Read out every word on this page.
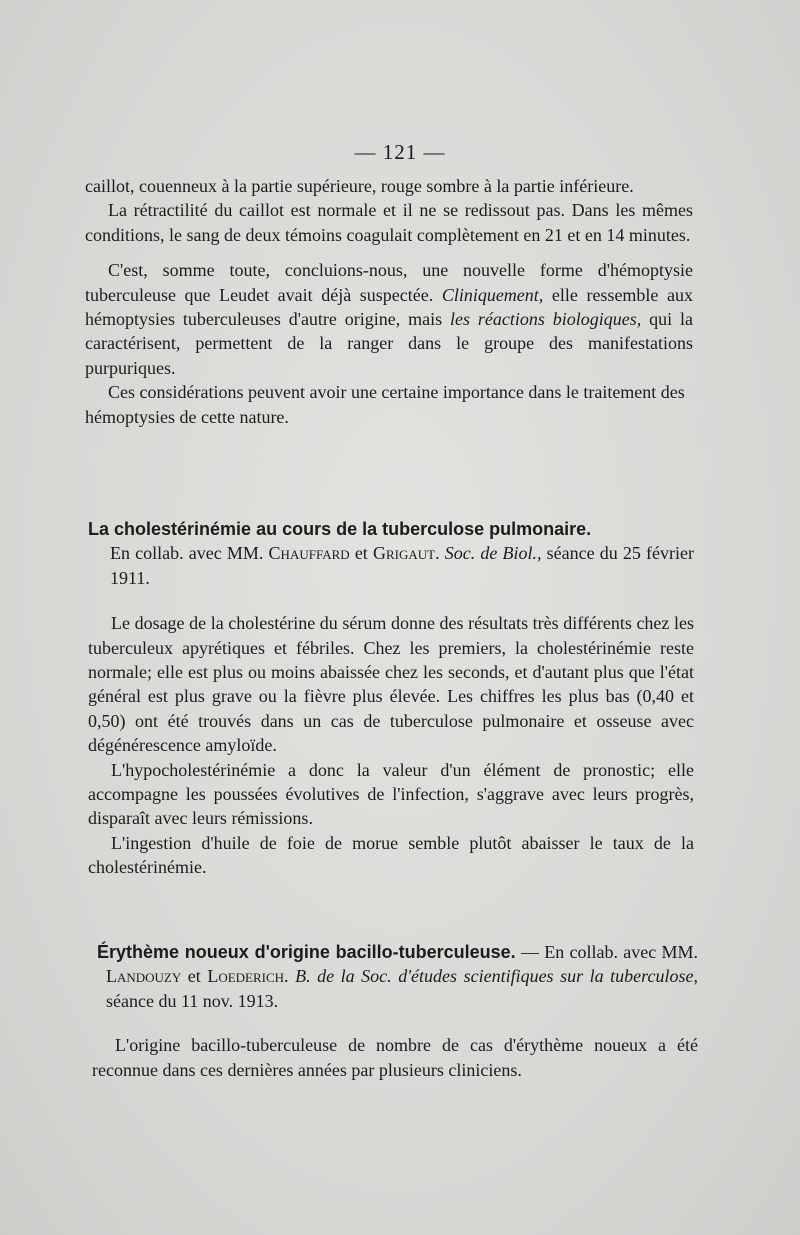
— 121 —

caillot, couenneux à la partie supérieure, rouge sombre à la partie inférieure.

La rétractilité du caillot est normale et il ne se redissout pas. Dans les mêmes conditions, le sang de deux témoins coagulait complètement en 21 et en 14 minutes.

C'est, somme toute, concluions-nous, une nouvelle forme d'hémoptysie tuberculeuse que Leudet avait déjà suspectée. Cliniquement, elle ressemble aux hémoptysies tuberculeuses d'autre origine, mais les réactions biologiques, qui la caractérisent, permettent de la ranger dans le groupe des manifestations purpuriques.

Ces considérations peuvent avoir une certaine importance dans le traitement des hémoptysies de cette nature.

La cholestérinémie au cours de la tuberculose pulmonaire.

En collab. avec MM. Chauffard et Grigaut. Soc. de Biol., séance du 25 février 1911.

Le dosage de la cholestérine du sérum donne des résultats très différents chez les tuberculeux apyrétiques et fébriles. Chez les premiers, la cholestérinémie reste normale; elle est plus ou moins abaissée chez les seconds, et d'autant plus que l'état général est plus grave ou la fièvre plus élevée. Les chiffres les plus bas (0,40 et 0,50) ont été trouvés dans un cas de tuberculose pulmonaire et osseuse avec dégénérescence amyloïde.

L'hypocholestérinémie a donc la valeur d'un élément de pronostic; elle accompagne les poussées évolutives de l'infection, s'aggrave avec leurs progrès, disparaît avec leurs rémissions.

L'ingestion d'huile de foie de morue semble plutôt abaisser le taux de la cholestérinémie.

Érythème noueux d'origine bacillo-tuberculeuse. — En collab. avec MM. Landouzy et Loederich. B. de la Soc. d'études scientifiques sur la tuberculose, séance du 11 nov. 1913.

L'origine bacillo-tuberculeuse de nombre de cas d'érythème noueux a été reconnue dans ces dernières années par plusieurs cliniciens.
